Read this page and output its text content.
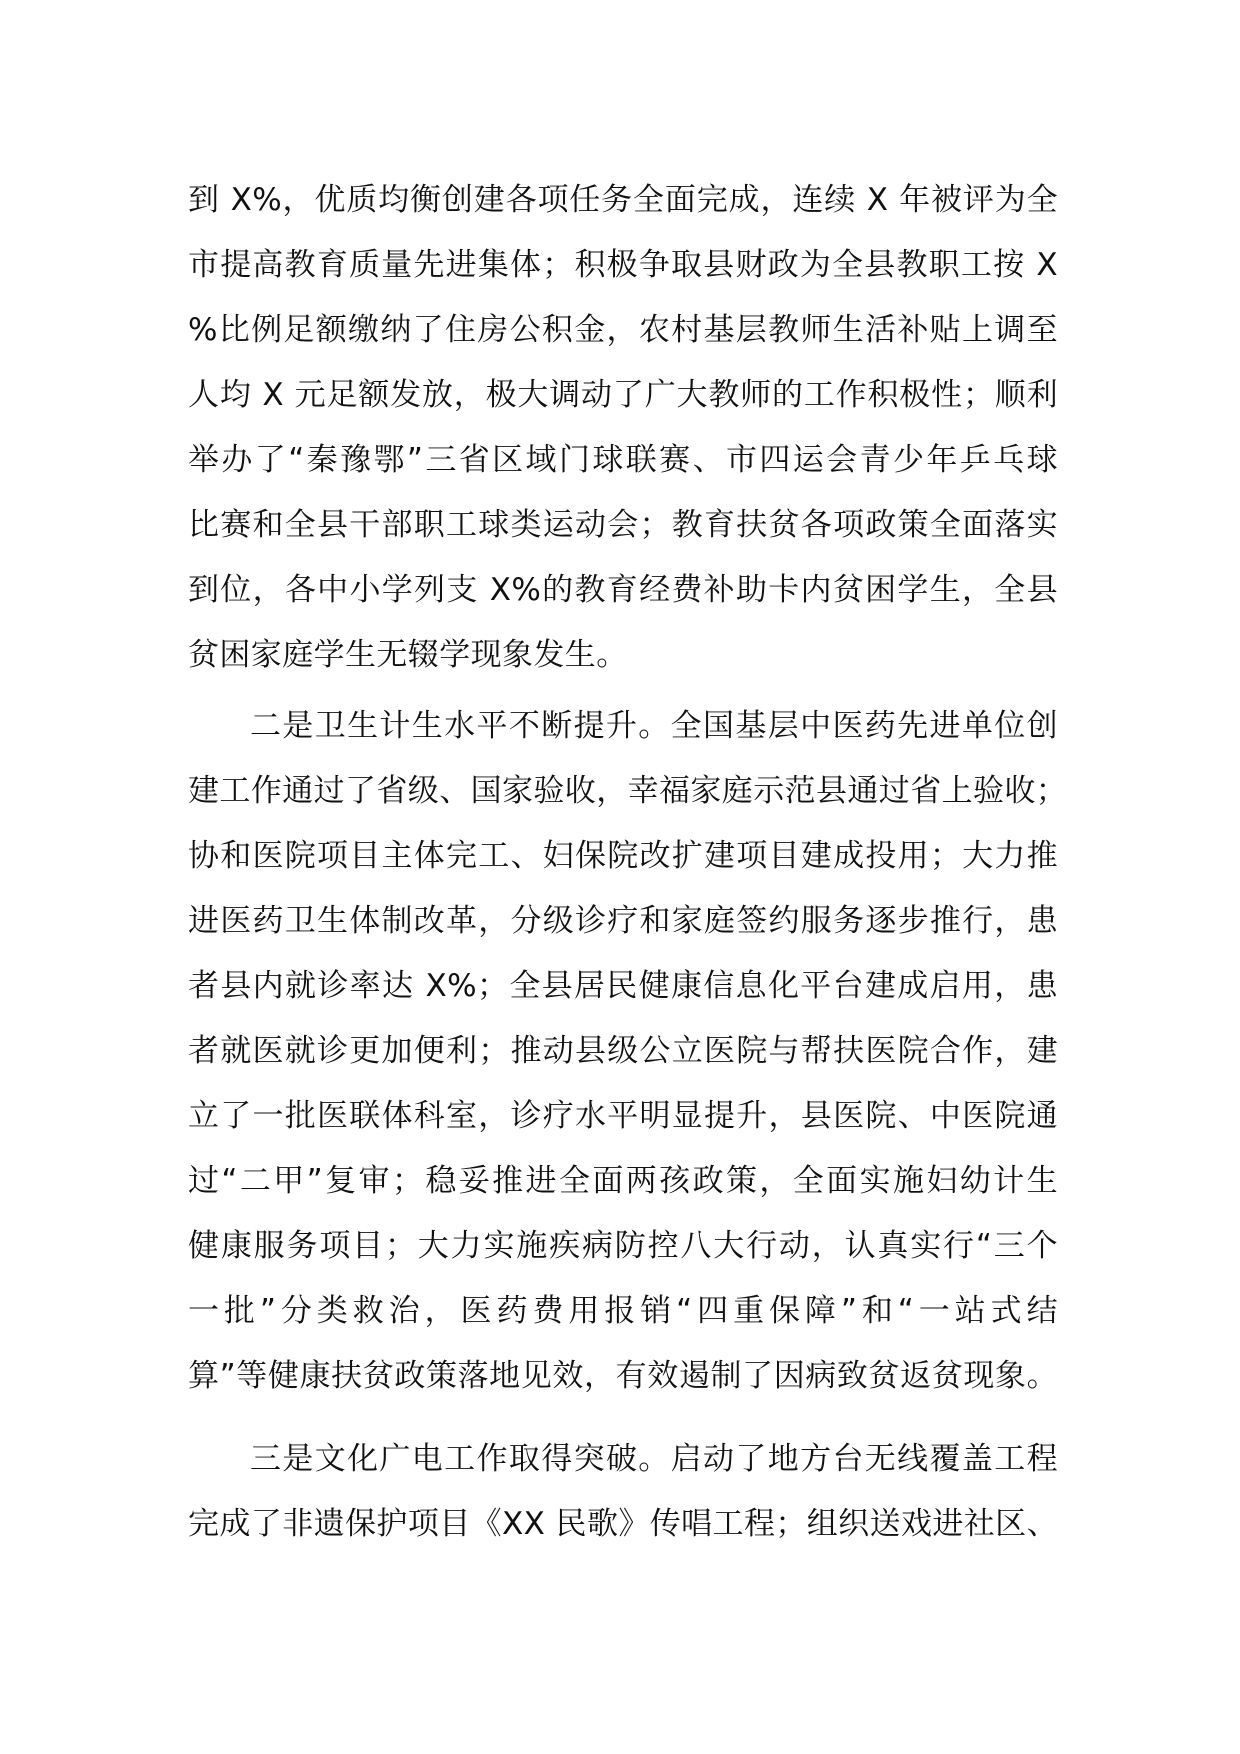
到 X%，优质均衡创建各项任务全面完成，连续 X 年被评为全
市提高教育质量先进集体；积极争取县财政为全县教职工按 X
%比例足额缴纳了住房公积金，农村基层教师生活补贴上调至
人均 X 元足额发放，极大调动了广大教师的工作积极性；顺利
举办了“秦豫鄂”三省区域门球联赛、市四运会青少年乒乓球
比赛和全县干部职工球类运动会；教育扶贫各项政策全面落实
到位，各中小学列支 X%的教育经费补助卡内贫困学生，全县
贫困家庭学生无辍学现象发生。
二是卫生计生水平不断提升。全国基层中医药先进单位创
建工作通过了省级、国家验收，幸福家庭示范县通过省上验收；
协和医院项目主体完工、妇保院改扩建项目建成投用；大力推
进医药卫生体制改革，分级诊疗和家庭签约服务逐步推行，患
者县内就诊率达 X%；全县居民健康信息化平台建成启用，患
者就医就诊更加便利；推动县级公立医院与帮扶医院合作，建
立了一批医联体科室，诊疗水平明显提升，县医院、中医院通
过“二甲”复审；稳妥推进全面两孩政策，全面实施妇幼计生
健康服务项目；大力实施疾病防控八大行动，认真实行“三个
一批”分类救治，医药费用报销“四重保障”和“一站式结
算”等健康扶贫政策落地见效，有效遏制了因病致贫返贫现象。
三是文化广电工作取得突破。启动了地方台无线覆盖工程
完成了非遗保护项目《XX 民歌》传唱工程；组织送戏进社区、
